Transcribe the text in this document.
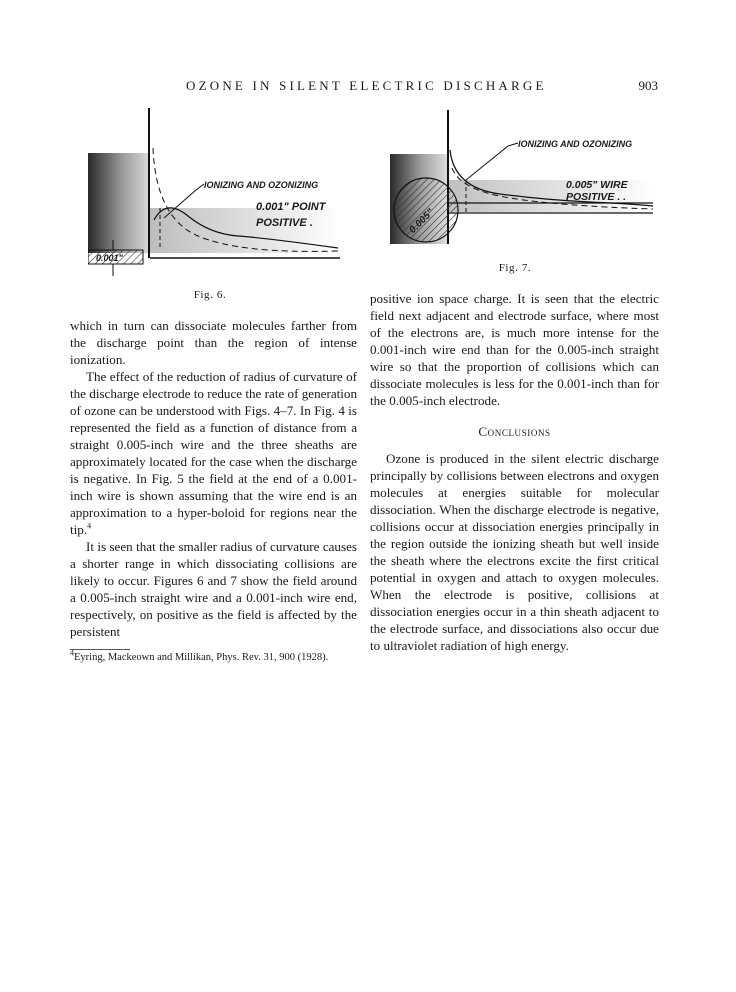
OZONE IN SILENT ELECTRIC DISCHARGE	903
0.001"
IONIZING AND OZONIZING
0.001" POINT
POSITIVE .
Fig. 6.
0.005"
IONIZING AND OZONIZING
0.005" WIRE
POSITIVE . .
Fig. 7.

which in turn can dissociate molecules farther from the discharge point than the region of intense ionization.

The effect of the reduction of radius of curvature of the discharge electrode to reduce the rate of generation of ozone can be understood with Figs. 4–7. In Fig. 4 is represented the field as a function of distance from a straight 0.005-inch wire and the three sheaths are approximately located for the case when the discharge is negative. In Fig. 5 the field at the end of a 0.001-inch wire is shown assuming that the wire end is an approximation to a hyper-boloid for regions near the tip.$^4$

It is seen that the smaller radius of curvature causes a shorter range in which dissociating collisions are likely to occur. Figures 6 and 7 show the field around a 0.005-inch straight wire and a 0.001-inch wire end, respectively, on positive as the field is affected by the persistent

$^4$Eyring, Mackeown and Millikan, Phys. Rev. 31, 900 (1928).

positive ion space charge. It is seen that the electric field next adjacent and electrode surface, where most of the electrons are, is much more intense for the 0.001-inch wire end than for the 0.005-inch straight wire so that the proportion of collisions which can dissociate molecules is less for the 0.001-inch than for the 0.005-inch electrode.

Conclusions

Ozone is produced in the silent electric discharge principally by collisions between electrons and oxygen molecules at energies suitable for molecular dissociation. When the discharge electrode is negative, collisions occur at dissociation energies principally in the region outside the ionizing sheath but well inside the sheath where the electrons excite the first critical potential in oxygen and attach to oxygen molecules. When the electrode is positive, collisions at dissociation energies occur in a thin sheath adjacent to the electrode surface, and dissociations also occur due to ultraviolet radiation of high energy.
